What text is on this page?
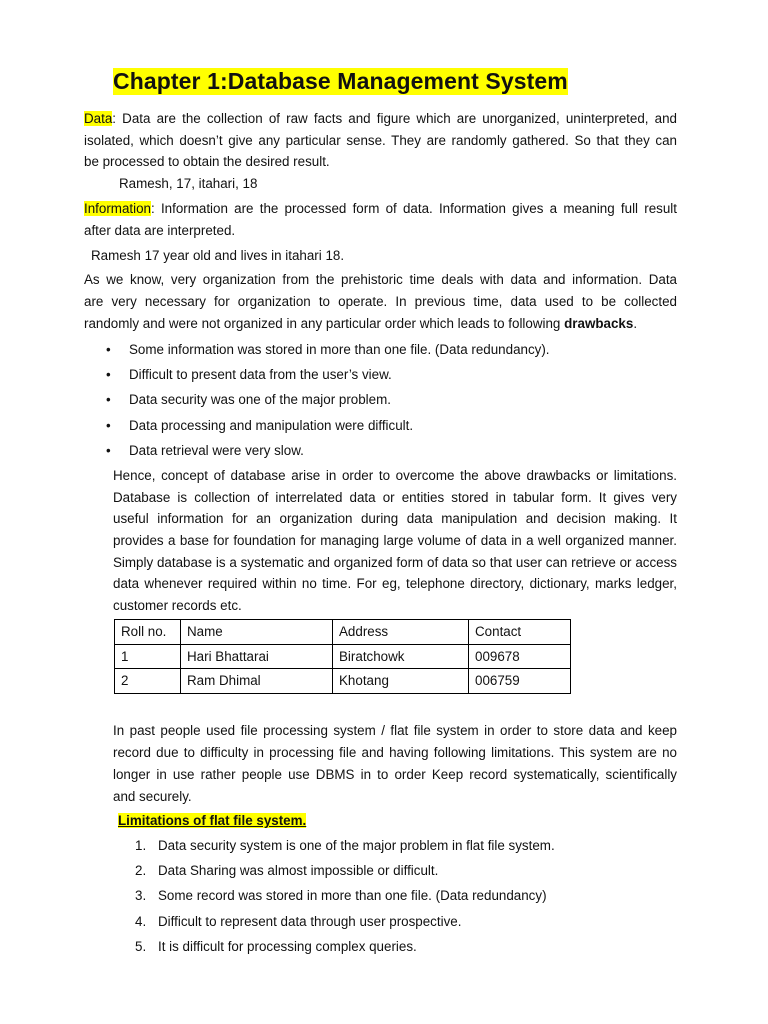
Chapter 1:Database Management System
Data: Data are the collection of raw facts and figure which are unorganized, uninterpreted, and
isolated, which doesn’t give any particular sense. They are randomly gathered. So that they can
be processed to obtain the desired result.
Ramesh, 17, itahari, 18
Information: Information are the processed form of data. Information gives a meaning full result
after data are interpreted.
Ramesh 17 year old and lives in itahari 18.
As we know, very organization from the prehistoric time deals with data and information. Data
are very necessary for organization to operate. In previous time, data used to be collected
randomly and were not organized in any particular order which leads to following drawbacks.
• Some information was stored in more than one file. (Data redundancy).
• Difficult to present data from the user’s view.
• Data security was one of the major problem.
• Data processing and manipulation were difficult.
• Data retrieval were very slow.
Hence, concept of database arise in order to overcome the above drawbacks or limitations.
Database is collection of interrelated data or entities stored in tabular form. It gives very
useful information for an organization during data manipulation and decision making. It
provides a base for foundation for managing large volume of data in a well organized manner.
Simply database is a systematic and organized form of data so that user can retrieve or access
data whenever required within no time. For eg, telephone directory, dictionary, marks ledger,
customer records etc.
Roll no.	Name	Address	Contact
1	Hari Bhattarai	Biratchowk	009678
2	Ram Dhimal	Khotang	006759
In past people used file processing system / flat file system in order to store data and keep
record due to difficulty in processing file and having following limitations. This system are no
longer in use rather people use DBMS in to order Keep record systematically, scientifically
and securely.
Limitations of flat file system.
1. Data security system is one of the major problem in flat file system.
2. Data Sharing was almost impossible or difficult.
3. Some record was stored in more than one file. (Data redundancy)
4. Difficult to represent data through user prospective.
5. It is difficult for processing complex queries.
